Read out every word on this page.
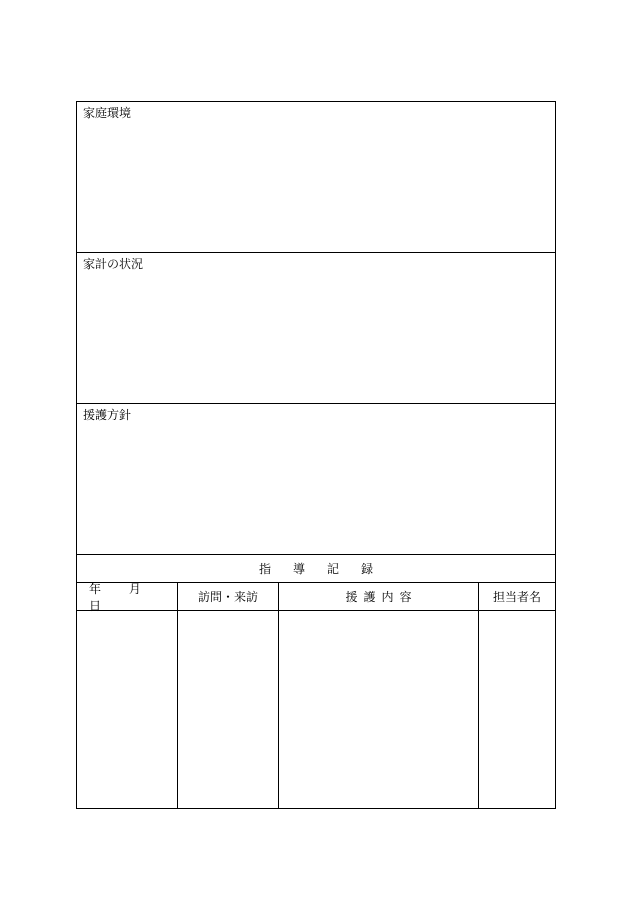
家庭環境
家計の状況
援護方針
指導記録
年 月 日
訪問・来訪	援護内容	担当者名
